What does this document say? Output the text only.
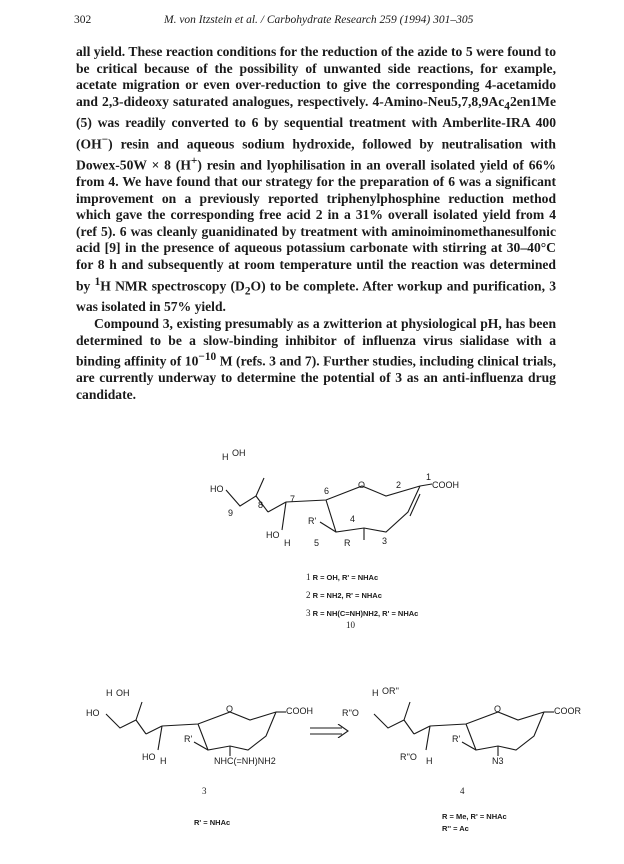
302	M. von Itzstein et al. / Carbohydrate Research 259 (1994) 301–305

all yield. These reaction conditions for the reduction of the azide to 5 were found to be critical because of the possibility of unwanted side reactions, for example, acetate migration or even over-reduction to give the corresponding 4-acetamido and 2,3-dideoxy saturated analogues, respectively. $4-Amino-Neu5,7,8,9Ac_42en1Me$ (5) was readily converted to 6 by sequential treatment with Amberlite-IRA 400 (OH−) resin and aqueous sodium hydroxide, followed by neutralisation with Dowex-50W × 8 (H+) resin and lyophilisation in an overall isolated yield of 66% from 4. We have found that our strategy for the preparation of 6 was a significant improvement on a previously reported triphenylphosphine reduction method which gave the corresponding free acid 2 in a 31% overall isolated yield from 4 (ref 5). 6 was cleanly guanidinated by treatment with aminoiminomethanesulfonic acid [9] in the presence of aqueous potassium carbonate with stirring at 30–40°C for 8 h and subsequently at room temperature until the reaction was determined by $^1$H NMR spectroscopy $(D_2O)$ to be complete. After workup and purification, 3 was isolated in 57% yield.

Compound 3, existing presumably as a zwitterion at physiological pH, has been determined to be a slow-binding inhibitor of influenza virus sialidase with a binding affinity of $10^{-10}$ M (refs. 3 and 7). Further studies, including clinical trials, are currently underway to determine the potential of 3 as an anti-influenza drug candidate.

H OH
HO
9
8
7
6
O	2
1
COOH
4
R'
HO
H	5	R	3
1 R = OH, R' = NHAc
2 R = NH2, R' = NHAc
3 R = NH(C=NH)NH2, R' = NHAc
10
H OH
HO	O	COOH
R'
HO H	NHC(=NH)NH2
3
R' = NHAc
H OR''
R''O	O	COOR
R'
R''O H	N3
4
R = Me, R' = NHAc
R'' = Ac
